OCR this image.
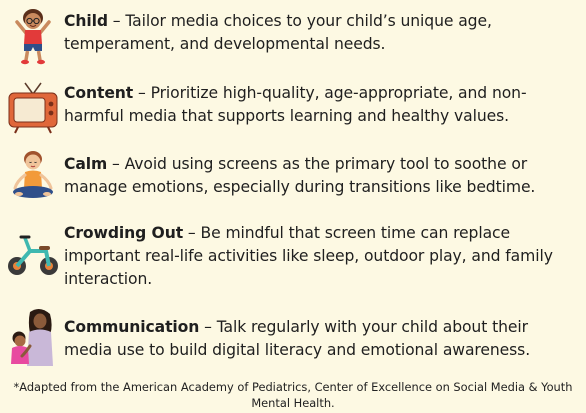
Child – Tailor media choices to your child’s unique age, temperament, and developmental needs.
Content – Prioritize high-quality, age-appropriate, and non-harmful media that supports learning and healthy values.
Calm – Avoid using screens as the primary tool to soothe or manage emotions, especially during transitions like bedtime.
Crowding Out – Be mindful that screen time can replace important real-life activities like sleep, outdoor play, and family interaction.
Communication – Talk regularly with your child about their media use to build digital literacy and emotional awareness.
*Adapted from the American Academy of Pediatrics, Center of Excellence on Social Media & Youth Mental Health.
